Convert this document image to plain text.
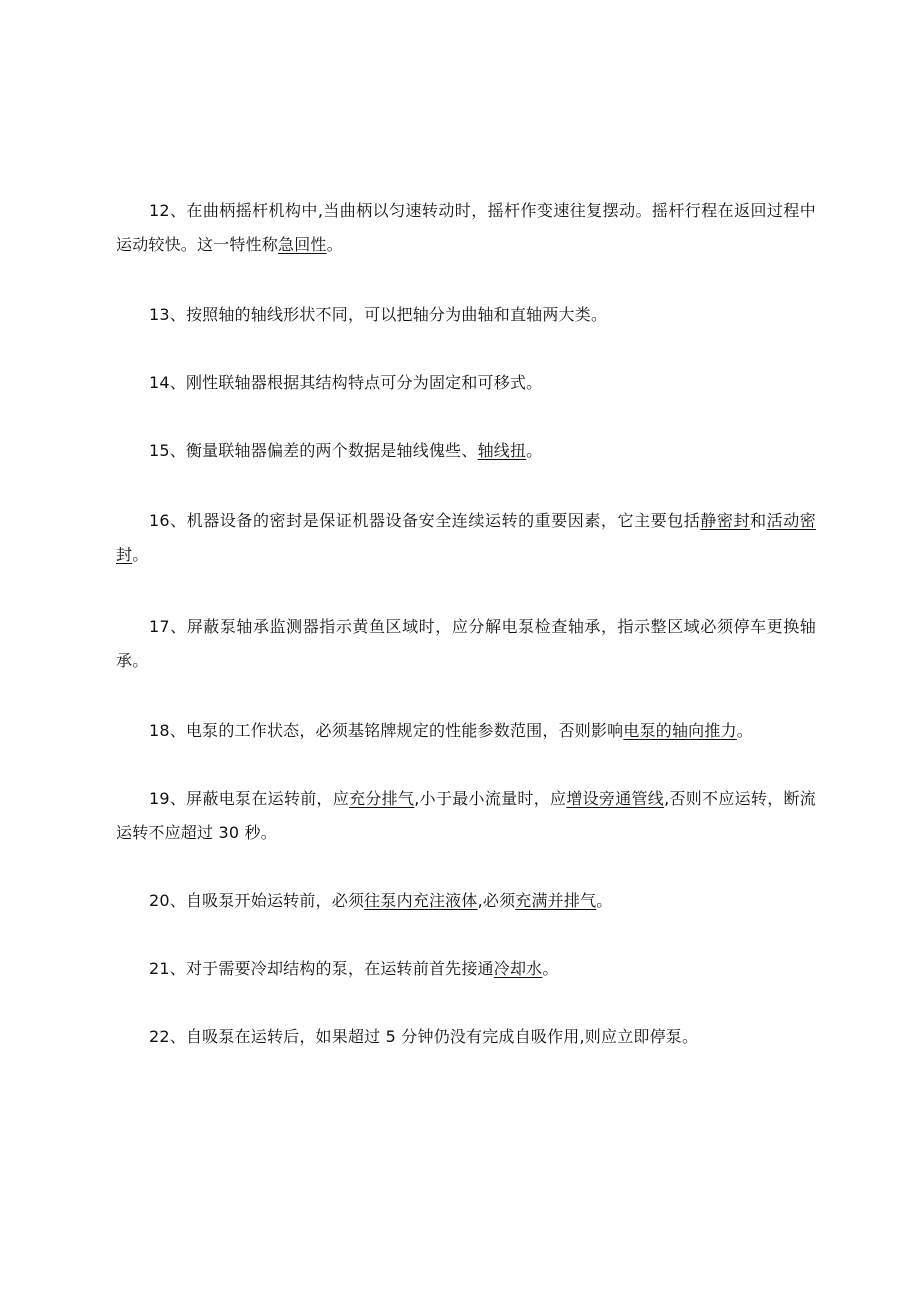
12、在曲柄摇杆机构中,当曲柄以匀速转动时，摇杆作变速往复摆动。摇杆行程在返回过程中运动较快。这一特性称急回性。

13、按照轴的轴线形状不同，可以把轴分为曲轴和直轴两大类。

14、刚性联轴器根据其结构特点可分为固定和可移式。

15、衡量联轴器偏差的两个数据是轴线傀些、轴线扭。

16、机器设备的密封是保证机器设备安全连续运转的重要因素，它主要包括静密封和活动密封。

17、屏蔽泵轴承监测器指示黄鱼区域时，应分解电泵检查轴承，指示整区域必须停车更换轴承。

18、电泵的工作状态，必须基铭牌规定的性能参数范围，否则影响电泵的轴向推力。

19、屏蔽电泵在运转前，应充分排气,小于最小流量时，应增设旁通管线,否则不应运转，断流运转不应超过 30 秒。

20、自吸泵开始运转前，必须往泵内充注液体,必须充满并排气。

21、对于需要冷却结构的泵，在运转前首先接通冷却水。

22、自吸泵在运转后，如果超过 5 分钟仍没有完成自吸作用,则应立即停泵。
